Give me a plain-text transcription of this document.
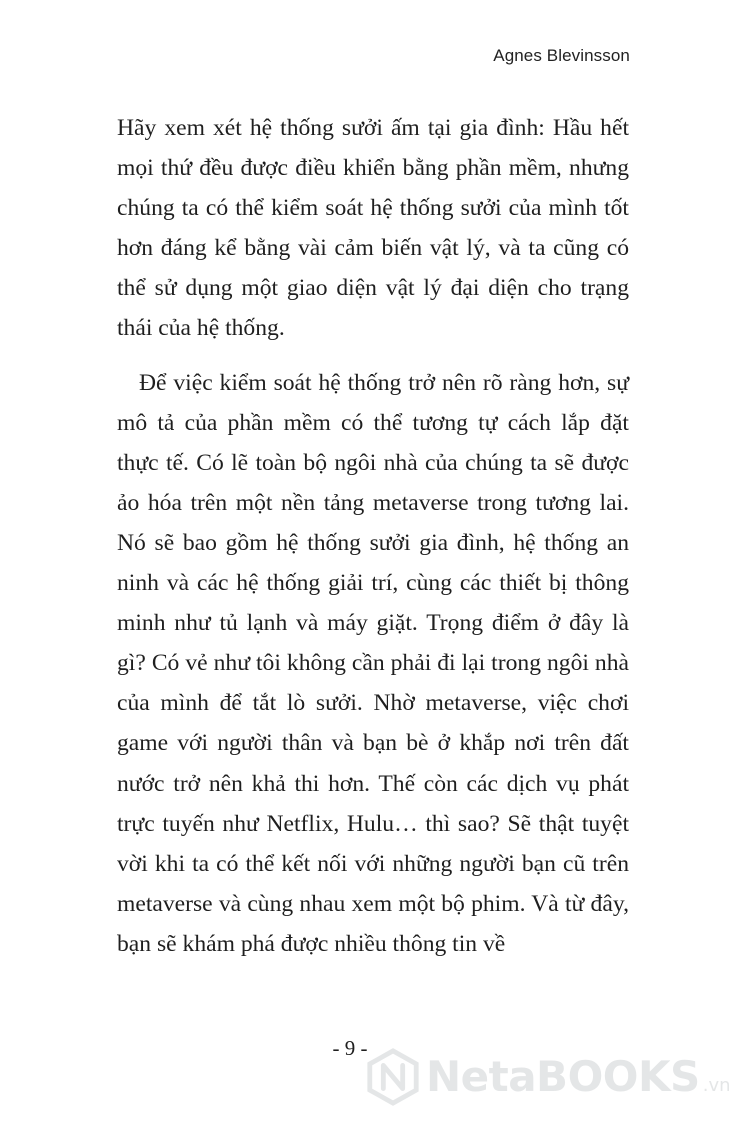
Agnes Blevinsson

Hãy xem xét hệ thống sưởi ấm tại gia đình: Hầu hết mọi thứ đều được điều khiển bằng phần mềm, nhưng chúng ta có thể kiểm soát hệ thống sưởi của mình tốt hơn đáng kể bằng vài cảm biến vật lý, và ta cũng có thể sử dụng một giao diện vật lý đại diện cho trạng thái của hệ thống.

Để việc kiểm soát hệ thống trở nên rõ ràng hơn, sự mô tả của phần mềm có thể tương tự cách lắp đặt thực tế. Có lẽ toàn bộ ngôi nhà của chúng ta sẽ được ảo hóa trên một nền tảng metaverse trong tương lai. Nó sẽ bao gồm hệ thống sưởi gia đình, hệ thống an ninh và các hệ thống giải trí, cùng các thiết bị thông minh như tủ lạnh và máy giặt. Trọng điểm ở đây là gì? Có vẻ như tôi không cần phải đi lại trong ngôi nhà của mình để tắt lò sưởi. Nhờ metaverse, việc chơi game với người thân và bạn bè ở khắp nơi trên đất nước trở nên khả thi hơn. Thế còn các dịch vụ phát trực tuyến như Netflix, Hulu… thì sao? Sẽ thật tuyệt vời khi ta có thể kết nối với những người bạn cũ trên metaverse và cùng nhau xem một bộ phim. Và từ đây, bạn sẽ khám phá được nhiều thông tin về

- 9 -
NetaBOOKS .vn
